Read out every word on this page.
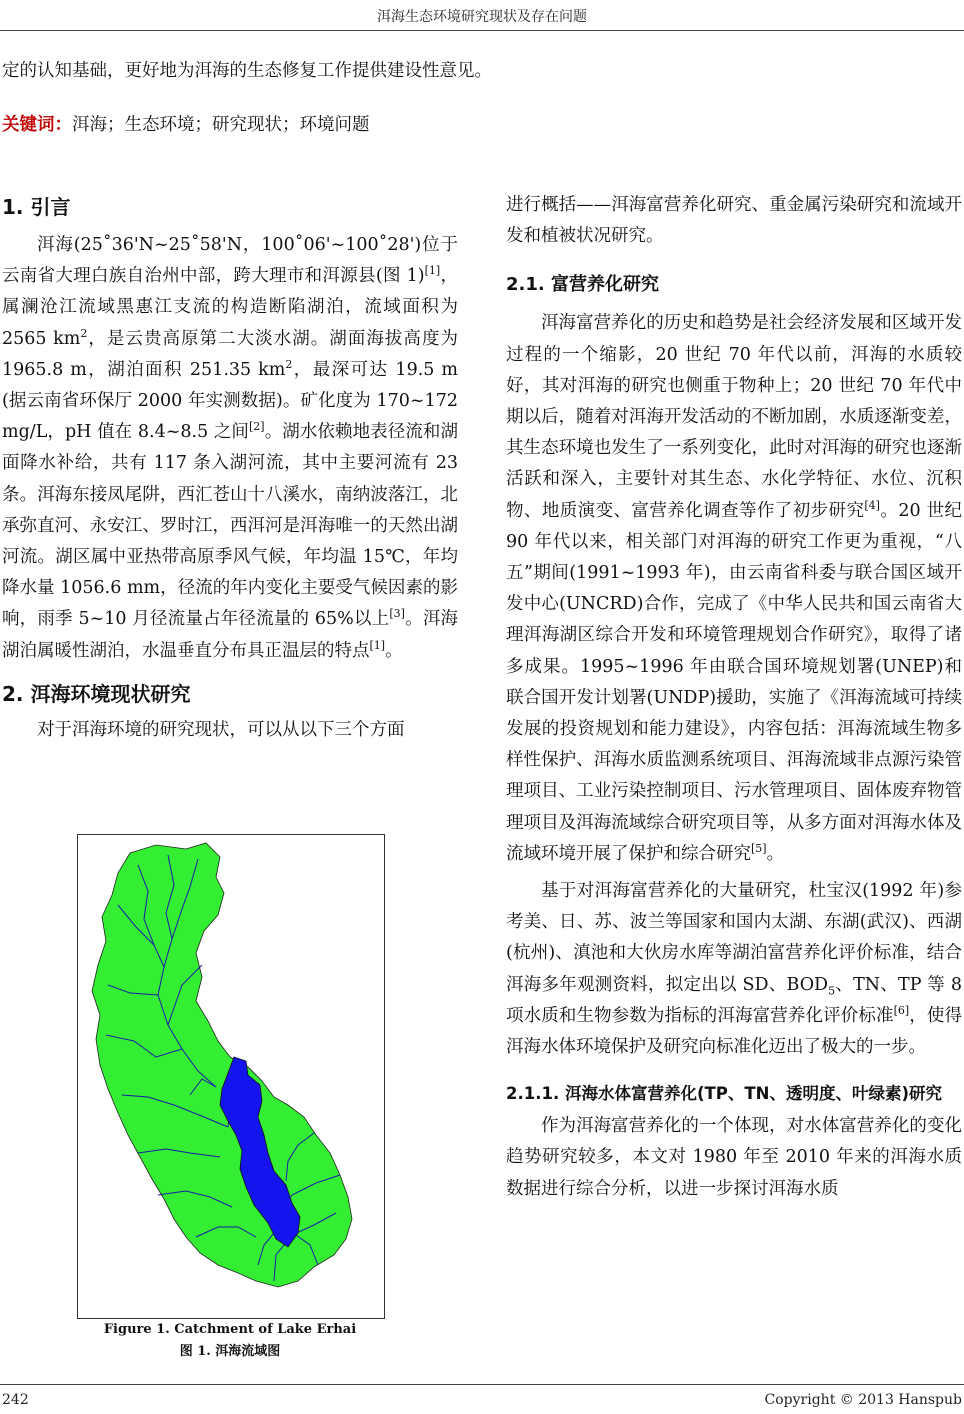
洱海生态环境研究现状及存在问题

定的认知基础，更好地为洱海的生态修复工作提供建设性意见。

关键词：洱海；生态环境；研究现状；环境问题

1. 引言

洱海(25˚36'N~25˚58'N，100˚06'~100˚28')位于云南省大理白族自治州中部，跨大理市和洱源县(图 1)[1]，属澜沧江流域黑惠江支流的构造断陷湖泊，流域面积为 2565 $km^2$，是云贵高原第二大淡水湖。湖面海拔高度为 1965.8 m，湖泊面积 251.35 $km^2$，最深可达 19.5 m (据云南省环保厅 2000 年实测数据)。矿化度为 170~172 mg/L，pH 值在 8.4~8.5 之间[2]。湖水依赖地表径流和湖面降水补给，共有 117 条入湖河流，其中主要河流有 23 条。洱海东接凤尾阱，西汇苍山十八溪水，南纳波落江，北承弥直河、永安江、罗时江，西洱河是洱海唯一的天然出湖河流。湖区属中亚热带高原季风气候，年均温 15℃，年均降水量 1056.6 mm，径流的年内变化主要受气候因素的影响，雨季 5~10 月径流量占年径流量的 65%以上[3]。洱海湖泊属暖性湖泊，水温垂直分布具正温层的特点[1]。

2. 洱海环境现状研究

对于洱海环境的研究现状，可以从以下三个方面

Figure 1. Catchment of Lake Erhai
图 1. 洱海流域图

进行概括——洱海富营养化研究、重金属污染研究和流域开发和植被状况研究。

2.1. 富营养化研究

洱海富营养化的历史和趋势是社会经济发展和区域开发过程的一个缩影，20 世纪 70 年代以前，洱海的水质较好，其对洱海的研究也侧重于物种上；20 世纪 70 年代中期以后，随着对洱海开发活动的不断加剧，水质逐渐变差，其生态环境也发生了一系列变化，此时对洱海的研究也逐渐活跃和深入，主要针对其生态、水化学特征、水位、沉积物、地质演变、富营养化调查等作了初步研究[4]。20 世纪 90 年代以来，相关部门对洱海的研究工作更为重视，“八五”期间(1991~1993 年)，由云南省科委与联合国区域开发中心(UNCRD)合作，完成了《中华人民共和国云南省大理洱海湖区综合开发和环境管理规划合作研究》，取得了诸多成果。1995~1996 年由联合国环境规划署(UNEP)和联合国开发计划署(UNDP)援助，实施了《洱海流域可持续发展的投资规划和能力建设》，内容包括：洱海流域生物多样性保护、洱海水质监测系统项目、洱海流域非点源污染管理项目、工业污染控制项目、污水管理项目、固体废弃物管理项目及洱海流域综合研究项目等，从多方面对洱海水体及流域环境开展了保护和综合研究[5]。

基于对洱海富营养化的大量研究，杜宝汉(1992 年)参考美、日、苏、波兰等国家和国内太湖、东湖(武汉)、西湖(杭州)、滇池和大伙房水库等湖泊富营养化评价标准，结合洱海多年观测资料，拟定出以 SD、$BOD_5$、TN、TP 等 8 项水质和生物参数为指标的洱海富营养化评价标准[6]，使得洱海水体环境保护及研究向标准化迈出了极大的一步。

2.1.1. 洱海水体富营养化(TP、TN、透明度、叶绿素)研究

作为洱海富营养化的一个体现，对水体富营养化的变化趋势研究较多，本文对 1980 年至 2010 年来的洱海水质数据进行综合分析，以进一步探讨洱海水质

242	Copyright © 2013 Hanspub
